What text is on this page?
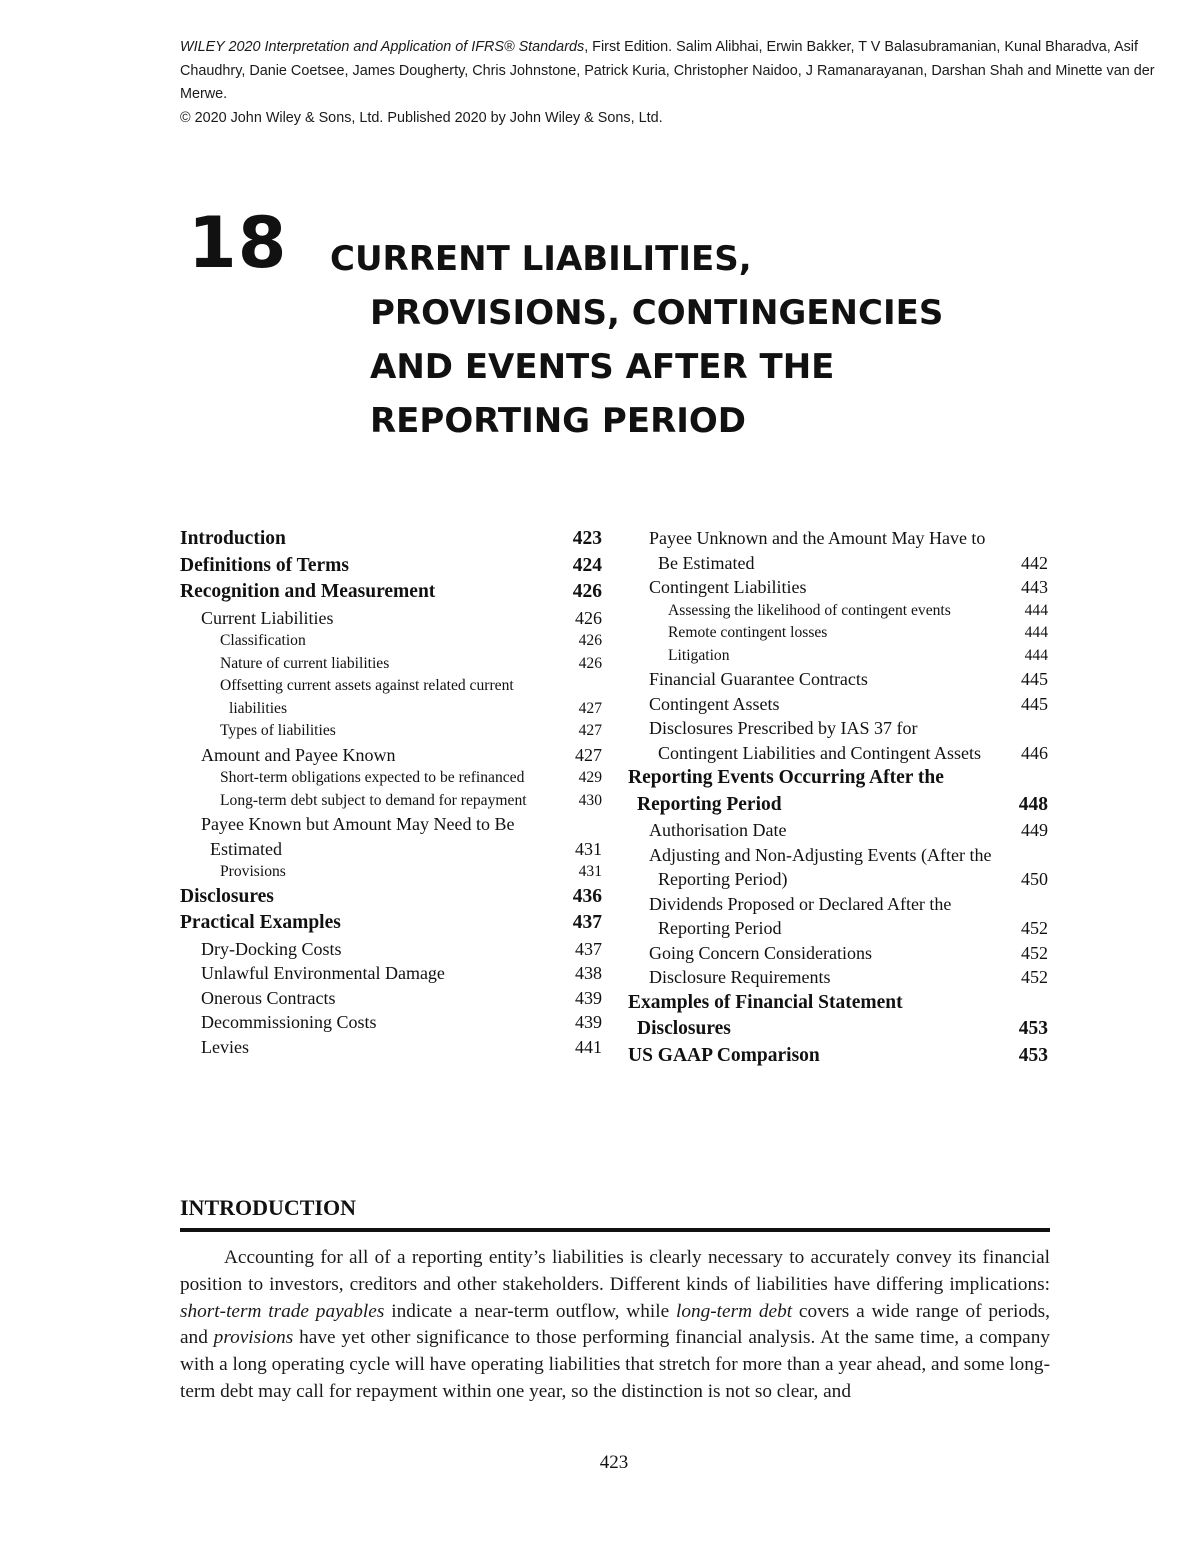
WILEY 2020 Interpretation and Application of IFRS® Standards, First Edition. Salim Alibhai, Erwin Bakker, T V Balasubramanian, Kunal Bharadva, Asif Chaudhry, Danie Coetsee, James Dougherty, Chris Johnstone, Patrick Kuria, Christopher Naidoo, J Ramanarayanan, Darshan Shah and Minette van der Merwe.
© 2020 John Wiley & Sons, Ltd. Published 2020 by John Wiley & Sons, Ltd.
18 CURRENT LIABILITIES,
PROVISIONS, CONTINGENCIES
AND EVENTS AFTER THE
REPORTING PERIOD
Introduction	423
Definitions of Terms	424
Recognition and Measurement	426
Current Liabilities	426
Classification	426
Nature of current liabilities	426
Offsetting current assets against related current liabilities	427
Types of liabilities	427
Amount and Payee Known	427
Short-term obligations expected to be refinanced	429
Long-term debt subject to demand for repayment	430
Payee Known but Amount May Need to Be Estimated	431
Provisions	431
Disclosures	436
Practical Examples	437
Dry-Docking Costs	437
Unlawful Environmental Damage	438
Onerous Contracts	439
Decommissioning Costs	439
Levies	441
Payee Unknown and the Amount May Have to Be Estimated	442
Contingent Liabilities	443
Assessing the likelihood of contingent events	444
Remote contingent losses	444
Litigation	444
Financial Guarantee Contracts	445
Contingent Assets	445
Disclosures Prescribed by IAS 37 for Contingent Liabilities and Contingent Assets	446
Reporting Events Occurring After the Reporting Period	448
Authorisation Date	449
Adjusting and Non-Adjusting Events (After the Reporting Period)	450
Dividends Proposed or Declared After the Reporting Period	452
Going Concern Considerations	452
Disclosure Requirements	452
Examples of Financial Statement Disclosures	453
US GAAP Comparison	453
INTRODUCTION

Accounting for all of a reporting entity’s liabilities is clearly necessary to accurately convey its financial position to investors, creditors and other stakeholders. Different kinds of liabilities have differing implications: short-term trade payables indicate a near-term outflow, while long-term debt covers a wide range of periods, and provisions have yet other significance to those performing financial analysis. At the same time, a company with a long operating cycle will have operating liabilities that stretch for more than a year ahead, and some long-term debt may call for repayment within one year, so the distinction is not so clear, and

423
